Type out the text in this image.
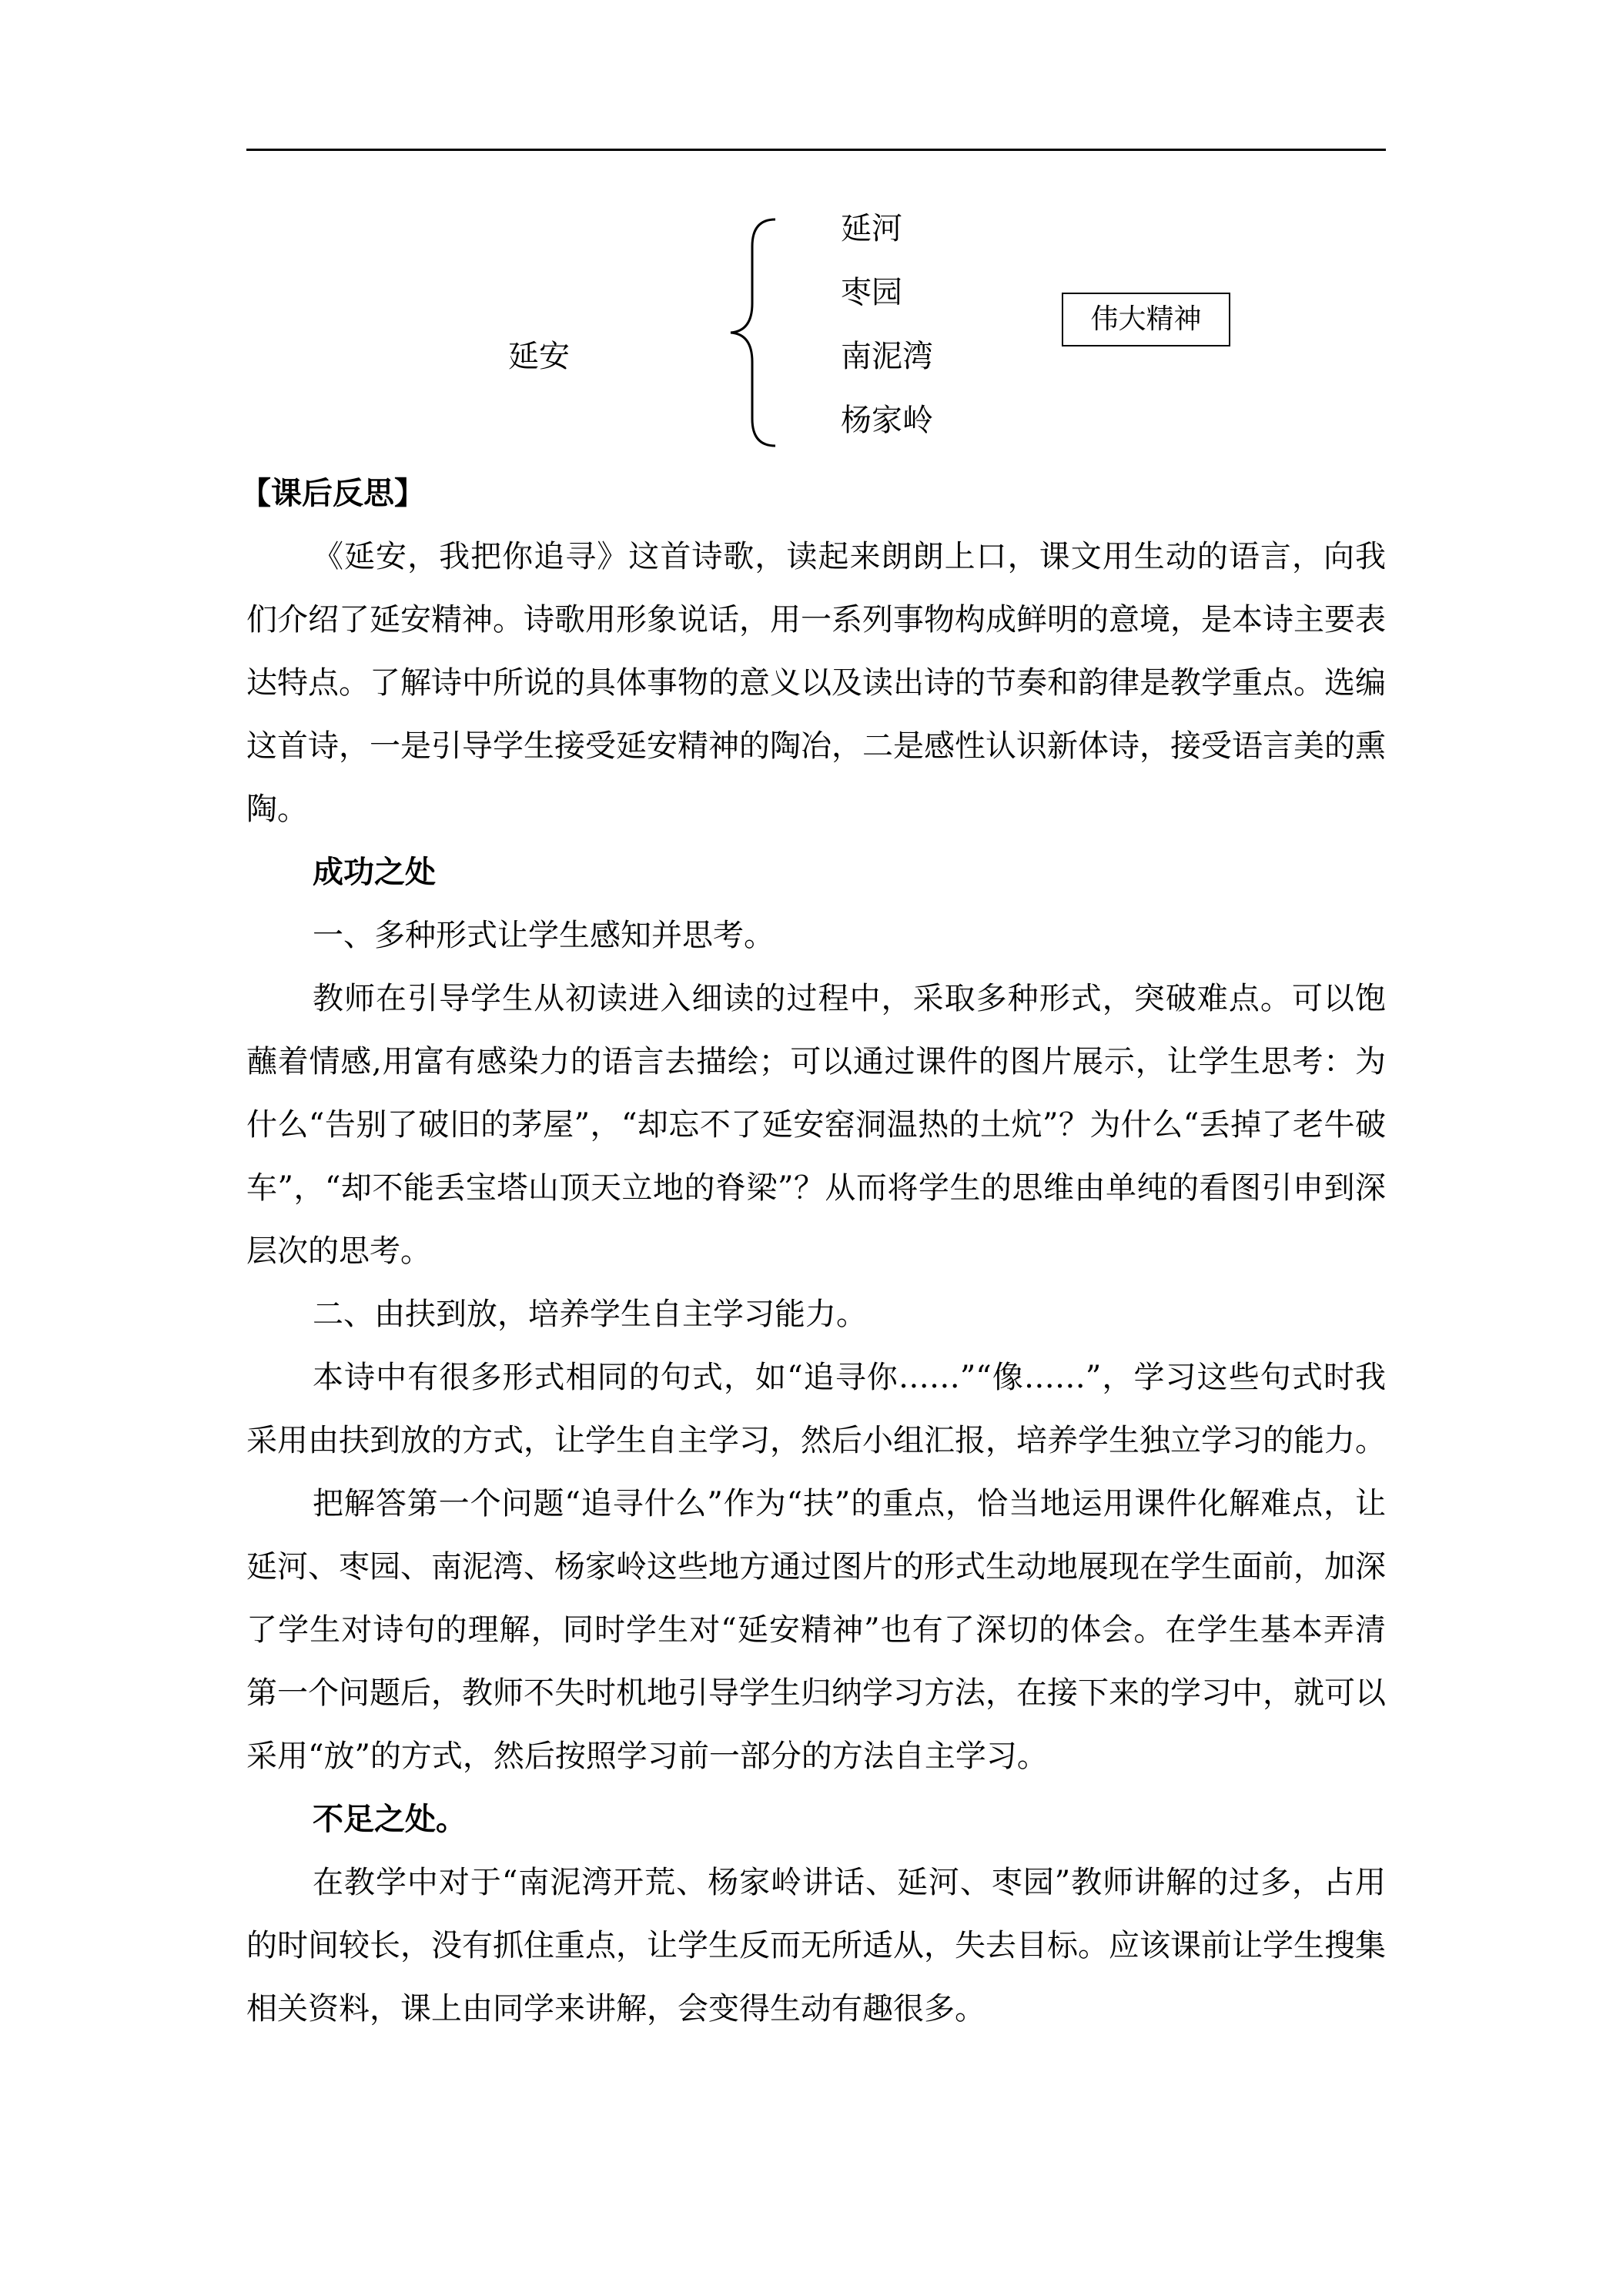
延安
延河
枣园
南泥湾
杨家岭
伟大精神

【课后反思】

《延安，我把你追寻》这首诗歌，读起来朗朗上口，课文用生动的语言，向我们介绍了延安精神。诗歌用形象说话，用一系列事物构成鲜明的意境，是本诗主要表达特点。了解诗中所说的具体事物的意义以及读出诗的节奏和韵律是教学重点。选编这首诗，一是引导学生接受延安精神的陶冶，二是感性认识新体诗，接受语言美的熏陶。

成功之处

一、多种形式让学生感知并思考。

教师在引导学生从初读进入细读的过程中，采取多种形式，突破难点。可以饱蘸着情感,用富有感染力的语言去描绘；可以通过课件的图片展示，让学生思考：为什么“告别了破旧的茅屋”，“却忘不了延安窑洞温热的土炕”？为什么“丢掉了老牛破车”，“却不能丢宝塔山顶天立地的脊梁”？从而将学生的思维由单纯的看图引申到深层次的思考。

二、由扶到放，培养学生自主学习能力。

本诗中有很多形式相同的句式，如“追寻你……”“像……”，学习这些句式时我采用由扶到放的方式，让学生自主学习，然后小组汇报，培养学生独立学习的能力。

把解答第一个问题“追寻什么”作为“扶”的重点，恰当地运用课件化解难点，让延河、枣园、南泥湾、杨家岭这些地方通过图片的形式生动地展现在学生面前，加深了学生对诗句的理解，同时学生对“延安精神”也有了深切的体会。在学生基本弄清第一个问题后，教师不失时机地引导学生归纳学习方法，在接下来的学习中，就可以采用“放”的方式，然后按照学习前一部分的方法自主学习。

不足之处。

在教学中对于“南泥湾开荒、杨家岭讲话、延河、枣园”教师讲解的过多，占用的时间较长，没有抓住重点，让学生反而无所适从，失去目标。应该课前让学生搜集相关资料，课上由同学来讲解，会变得生动有趣很多。
